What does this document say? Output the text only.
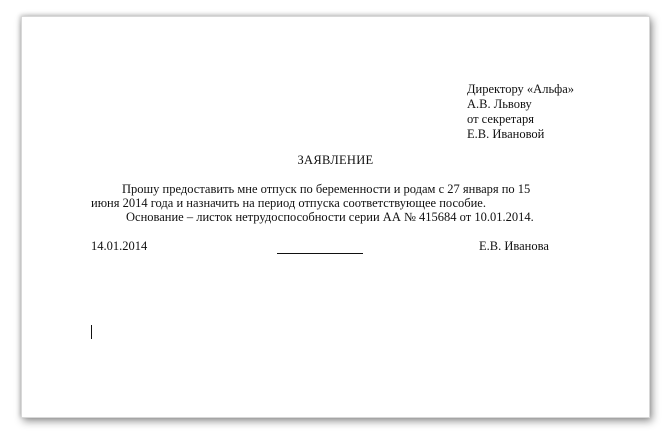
Директору «Альфа»
А.В. Львову
от секретаря
Е.В. Ивановой
ЗАЯВЛЕНИЕ
Прошу предоставить мне отпуск по беременности и родам с 27 января по 15
июня 2014 года и назначить на период отпуска соответствующее пособие.
Основание – листок нетрудоспособности серии АА № 415684 от 10.01.2014.
14.01.2014	Е.В. Иванова
